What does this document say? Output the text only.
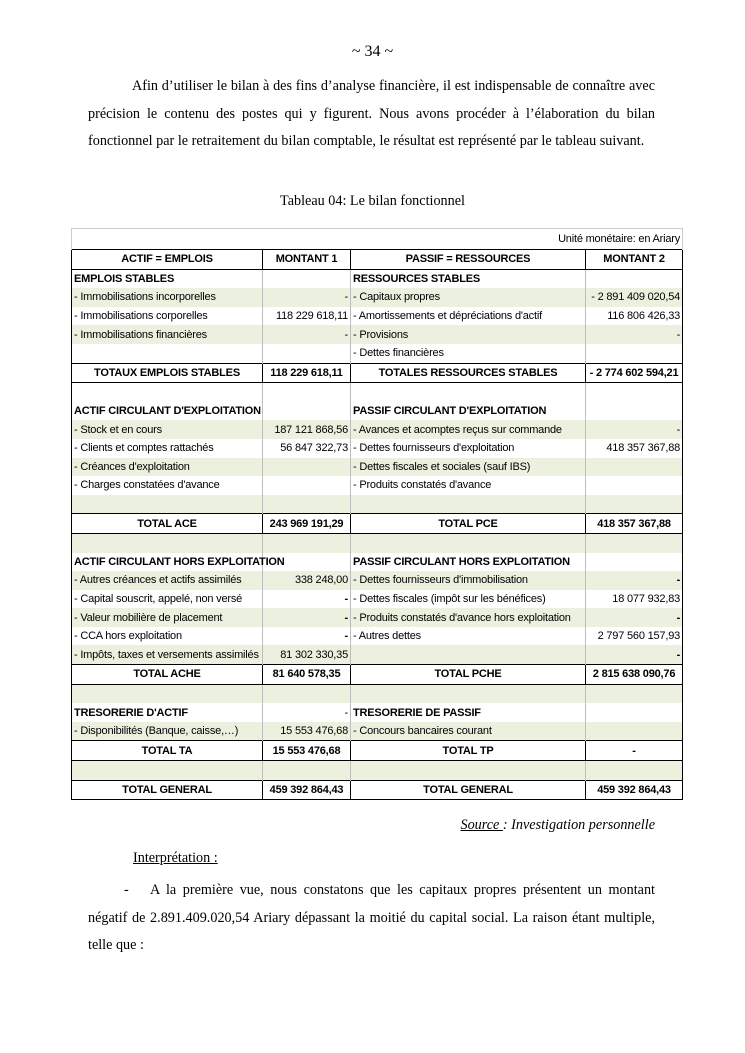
~ 34 ~
Afin d’utiliser le bilan à des fins d’analyse financière, il est indispensable de connaître avec précision le contenu des postes qui y figurent. Nous avons procéder à l’élaboration du bilan fonctionnel par le retraitement du bilan comptable, le résultat est représenté par le tableau suivant.
Tableau 04: Le bilan fonctionnel
Unité monétaire: en Ariary			
ACTIF = EMPLOIS	MONTANT 1	PASSIF = RESSOURCES	MONTANT 2
EMPLOIS STABLES		RESSOURCES STABLES	
- Immobilisations incorporelles	-	- Capitaux propres	- 2 891 409 020,54
- Immobilisations corporelles	118 229 618,11	- Amortissements et dépréciations d'actif	116 806 426,33
- Immobilisations financières	-	- Provisions	-
		- Dettes financières	
TOTAUX EMPLOIS STABLES	118 229 618,11	TOTALES RESSOURCES STABLES	- 2 774 602 594,21

ACTIF CIRCULANT D'EXPLOITATION		PASSIF CIRCULANT D'EXPLOITATION	
- Stock et en cours	187 121 868,56	- Avances et acomptes reçus sur commande	-
- Clients et comptes rattachés	56 847 322,73	- Dettes fournisseurs d'exploitation	418 357 367,88
- Créances d'exploitation		- Dettes fiscales et sociales (sauf IBS)	
- Charges constatées d'avance		- Produits constatés d'avance	

TOTAL ACE	243 969 191,29	TOTAL PCE	418 357 367,88

ACTIF CIRCULANT HORS EXPLOITATION		PASSIF CIRCULANT HORS EXPLOITATION	
- Autres créances et actifs assimilés	338 248,00	- Dettes fournisseurs d'immobilisation	-
- Capital souscrit, appelé, non versé	-	- Dettes fiscales (impôt sur les bénéfices)	18 077 932,83
- Valeur mobilière de placement	-	- Produits constatés d'avance hors exploitation	-
- CCA hors exploitation	-	- Autres dettes	2 797 560 157,93
- Impôts, taxes et versements assimilés	81 302 330,35		-
TOTAL ACHE	81 640 578,35	TOTAL PCHE	2 815 638 090,76

TRESORERIE D'ACTIF	-	TRESORERIE DE PASSIF	
- Disponibilités (Banque, caisse,…)	15 553 476,68	- Concours bancaires courant	
TOTAL TA	15 553 476,68	TOTAL TP	-

TOTAL GENERAL	459 392 864,43	TOTAL GENERAL	459 392 864,43
Source : Investigation personnelle
Interprétation :
- A la première vue, nous constatons que les capitaux propres présentent un montant négatif de 2.891.409.020,54 Ariary dépassant la moitié du capital social. La raison étant multiple, telle que :
